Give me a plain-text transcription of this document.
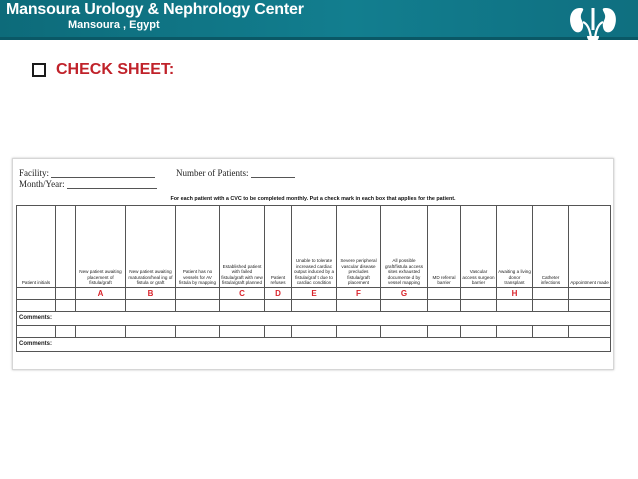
Mansoura Urology & Nephrology Center
Mansoura , Egypt
CHECK SHEET:
Facility:	Number of Patients:
Month/Year:
For each patient with a CVC to be completed monthly. Put a check mark in each box that applies for the patient.
Patient initials		New patient awaiting placement of fistula/graft	New patient awaiting maturation/heal ing of fistula or graft	Patient has no vessels for AV fistula by mapping	Established patient with failed fistula/graft with new fistula/graft planned	Patient refuses	Unable to tolerate increased cardiac output induced by a fistula/graf t due to cardiac condition	Severe peripheral vascular disease precludes fistula/graft placement	All possible graft/fistula access sites exhausted documente d by vessel mapping	MD referral barrier	Vascular access surgeon barrier	Awaiting a living donor transplant	Catheter infections	Appointment made
		A	B		C	D	E	F	G			H		

Comments:														

Comments:														
